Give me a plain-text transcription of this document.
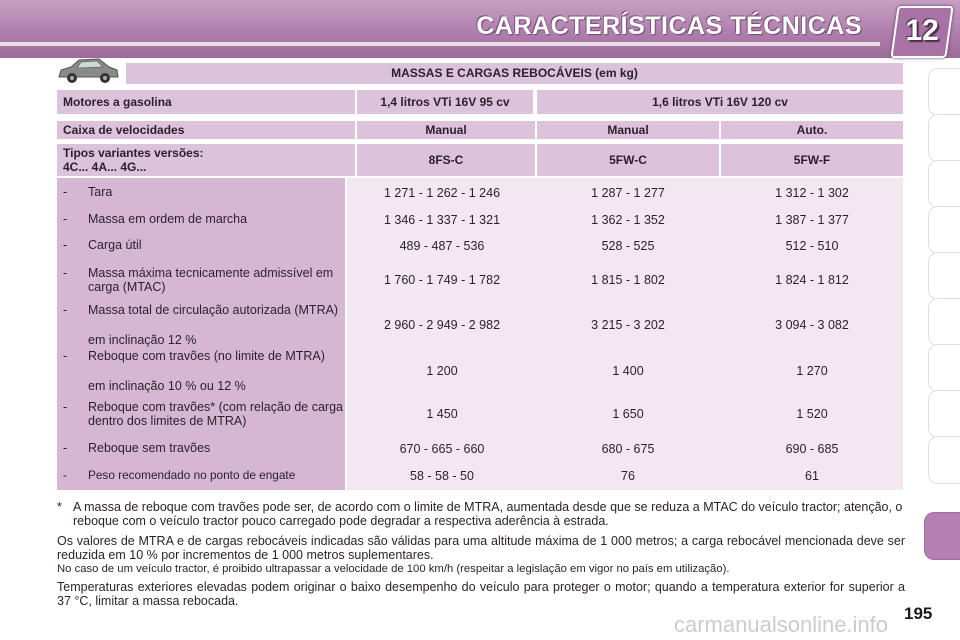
CARACTERÍSTICAS TÉCNICAS	12
MASSAS E CARGAS REBOCÁVEIS (em kg)
Motores a gasolina	1,4 litros VTi 16V 95 cv	1,6 litros VTi 16V 120 cv
Caixa de velocidades	Manual	Manual	Auto.
Tipos variantes versões:
4C... 4A... 4G...	8FS-C	5FW-C	5FW-F
- Tara	1 271 - 1 262 - 1 246	1 287 - 1 277	1 312 - 1 302
- Massa em ordem de marcha	1 346 - 1 337 - 1 321	1 362 - 1 352	1 387 - 1 377
- Carga útil	489 - 487 - 536	528 - 525	512 - 510
- Massa máxima tecnicamente admissível em carga (MTAC)	1 760 - 1 749 - 1 782	1 815 - 1 802	1 824 - 1 812
- Massa total de circulação autorizada (MTRA)
em inclinação 12 %
2 960 - 2 949 - 2 982	3 215 - 3 202	3 094 - 3 082
- Reboque com travões (no limite de MTRA)
em inclinação 10 % ou 12 %
1 200	1 400	1 270
- Reboque com travões* (com relação de carga dentro dos limites de MTRA)	1 450	1 650	1 520
- Reboque sem travões	670 - 665 - 660	680 - 675	690 - 685
- Peso recomendado no ponto de engate	58 - 58 - 50	76	61
* A massa de reboque com travões pode ser, de acordo com o limite de MTRA, aumentada desde que se reduza a MTAC do veículo tractor; atenção, o reboque com o veículo tractor pouco carregado pode degradar a respectiva aderência à estrada.
Os valores de MTRA e de cargas rebocáveis indicadas são válidas para uma altitude máxima de 1 000 metros; a carga rebocável mencionada deve ser reduzida em 10 % por incrementos de 1 000 metros suplementares.
No caso de um veículo tractor, é proibido ultrapassar a velocidade de 100 km/h (respeitar a legislação em vigor no país em utilização).
Temperaturas exteriores elevadas podem originar o baixo desempenho do veículo para proteger o motor; quando a temperatura exterior for superior a 37 °C, limitar a massa rebocada.
carmanualsonline.info 195
